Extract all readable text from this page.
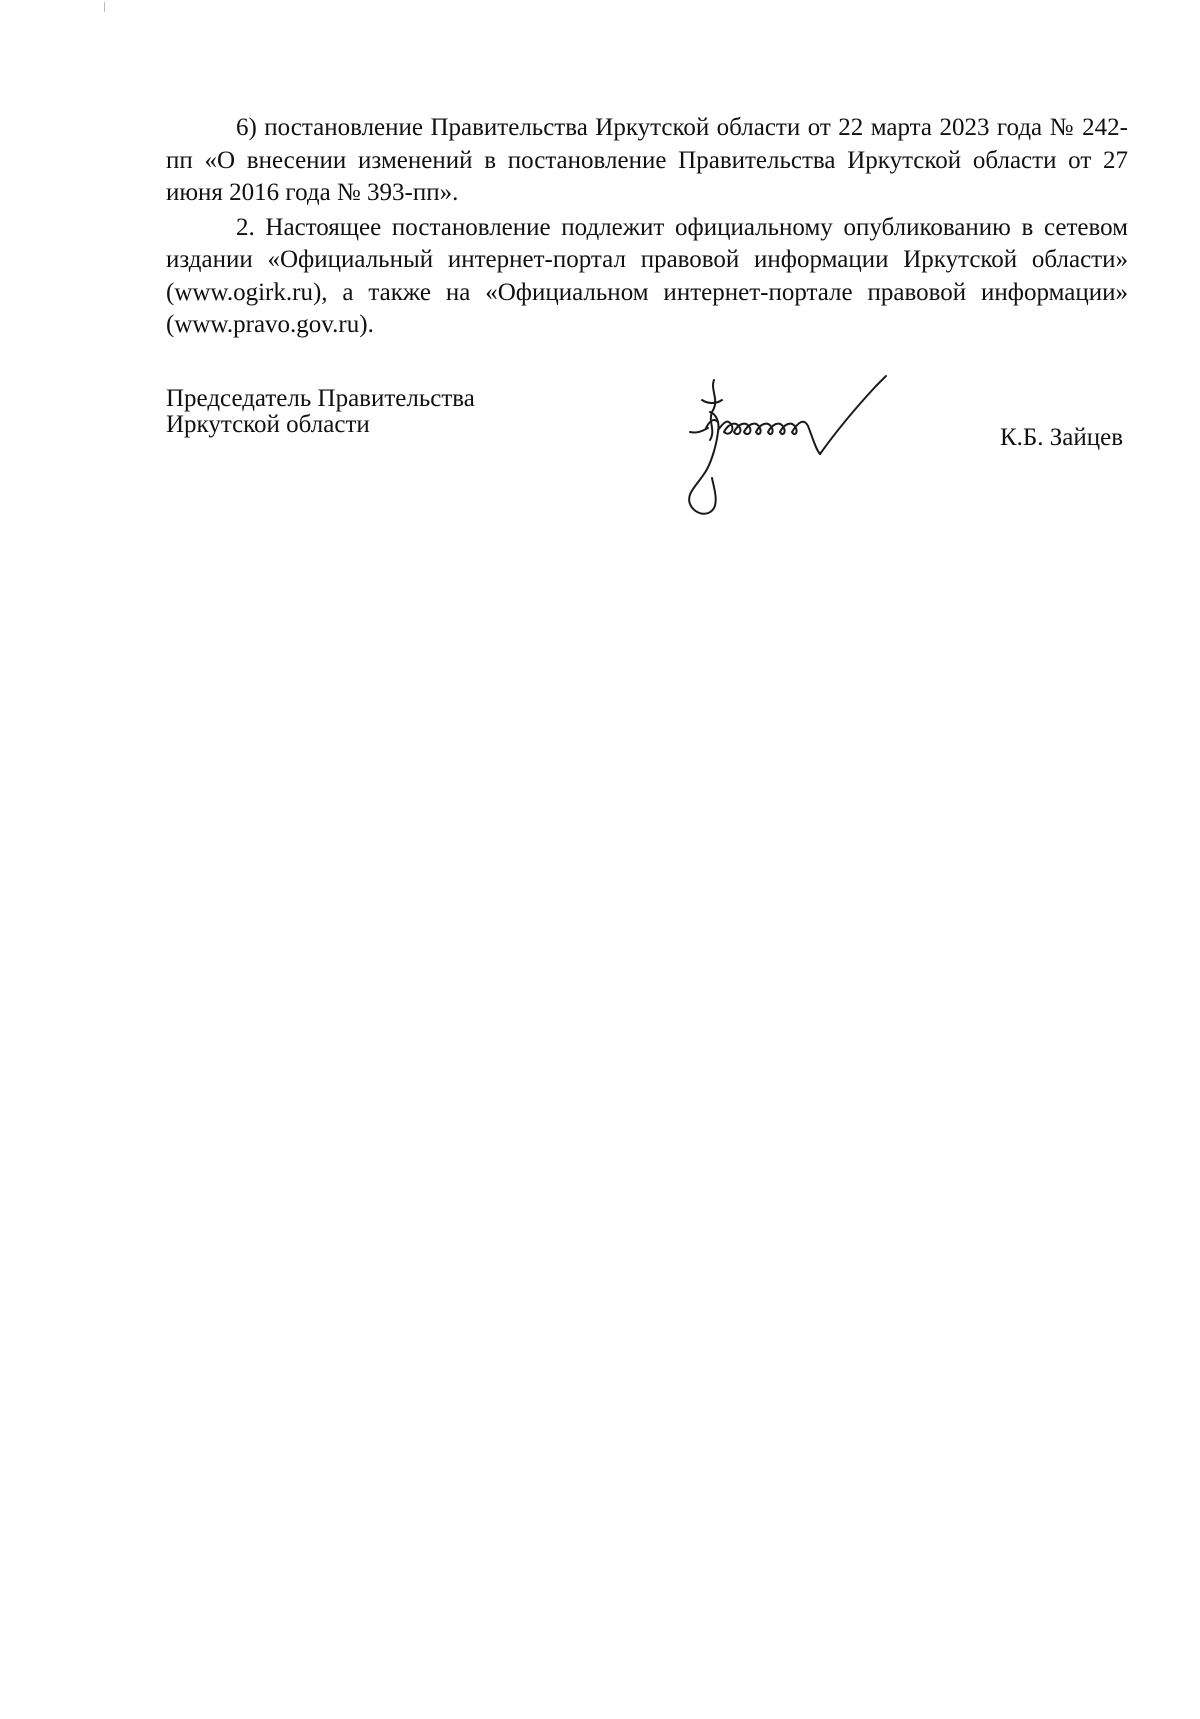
6) постановление Правительства Иркутской области от 22 марта 2023 года № 242-пп «О внесении изменений в постановление Правительства Иркутской области от 27 июня 2016 года № 393-пп».

2. Настоящее постановление подлежит официальному опубликованию в сетевом издании «Официальный интернет-портал правовой информации Иркутской области» (www.ogirk.ru), а также на «Официальном интернет-портале правовой информации» (www.pravo.gov.ru).

Председатель Правительства
Иркутской области	К.Б. Зайцев
